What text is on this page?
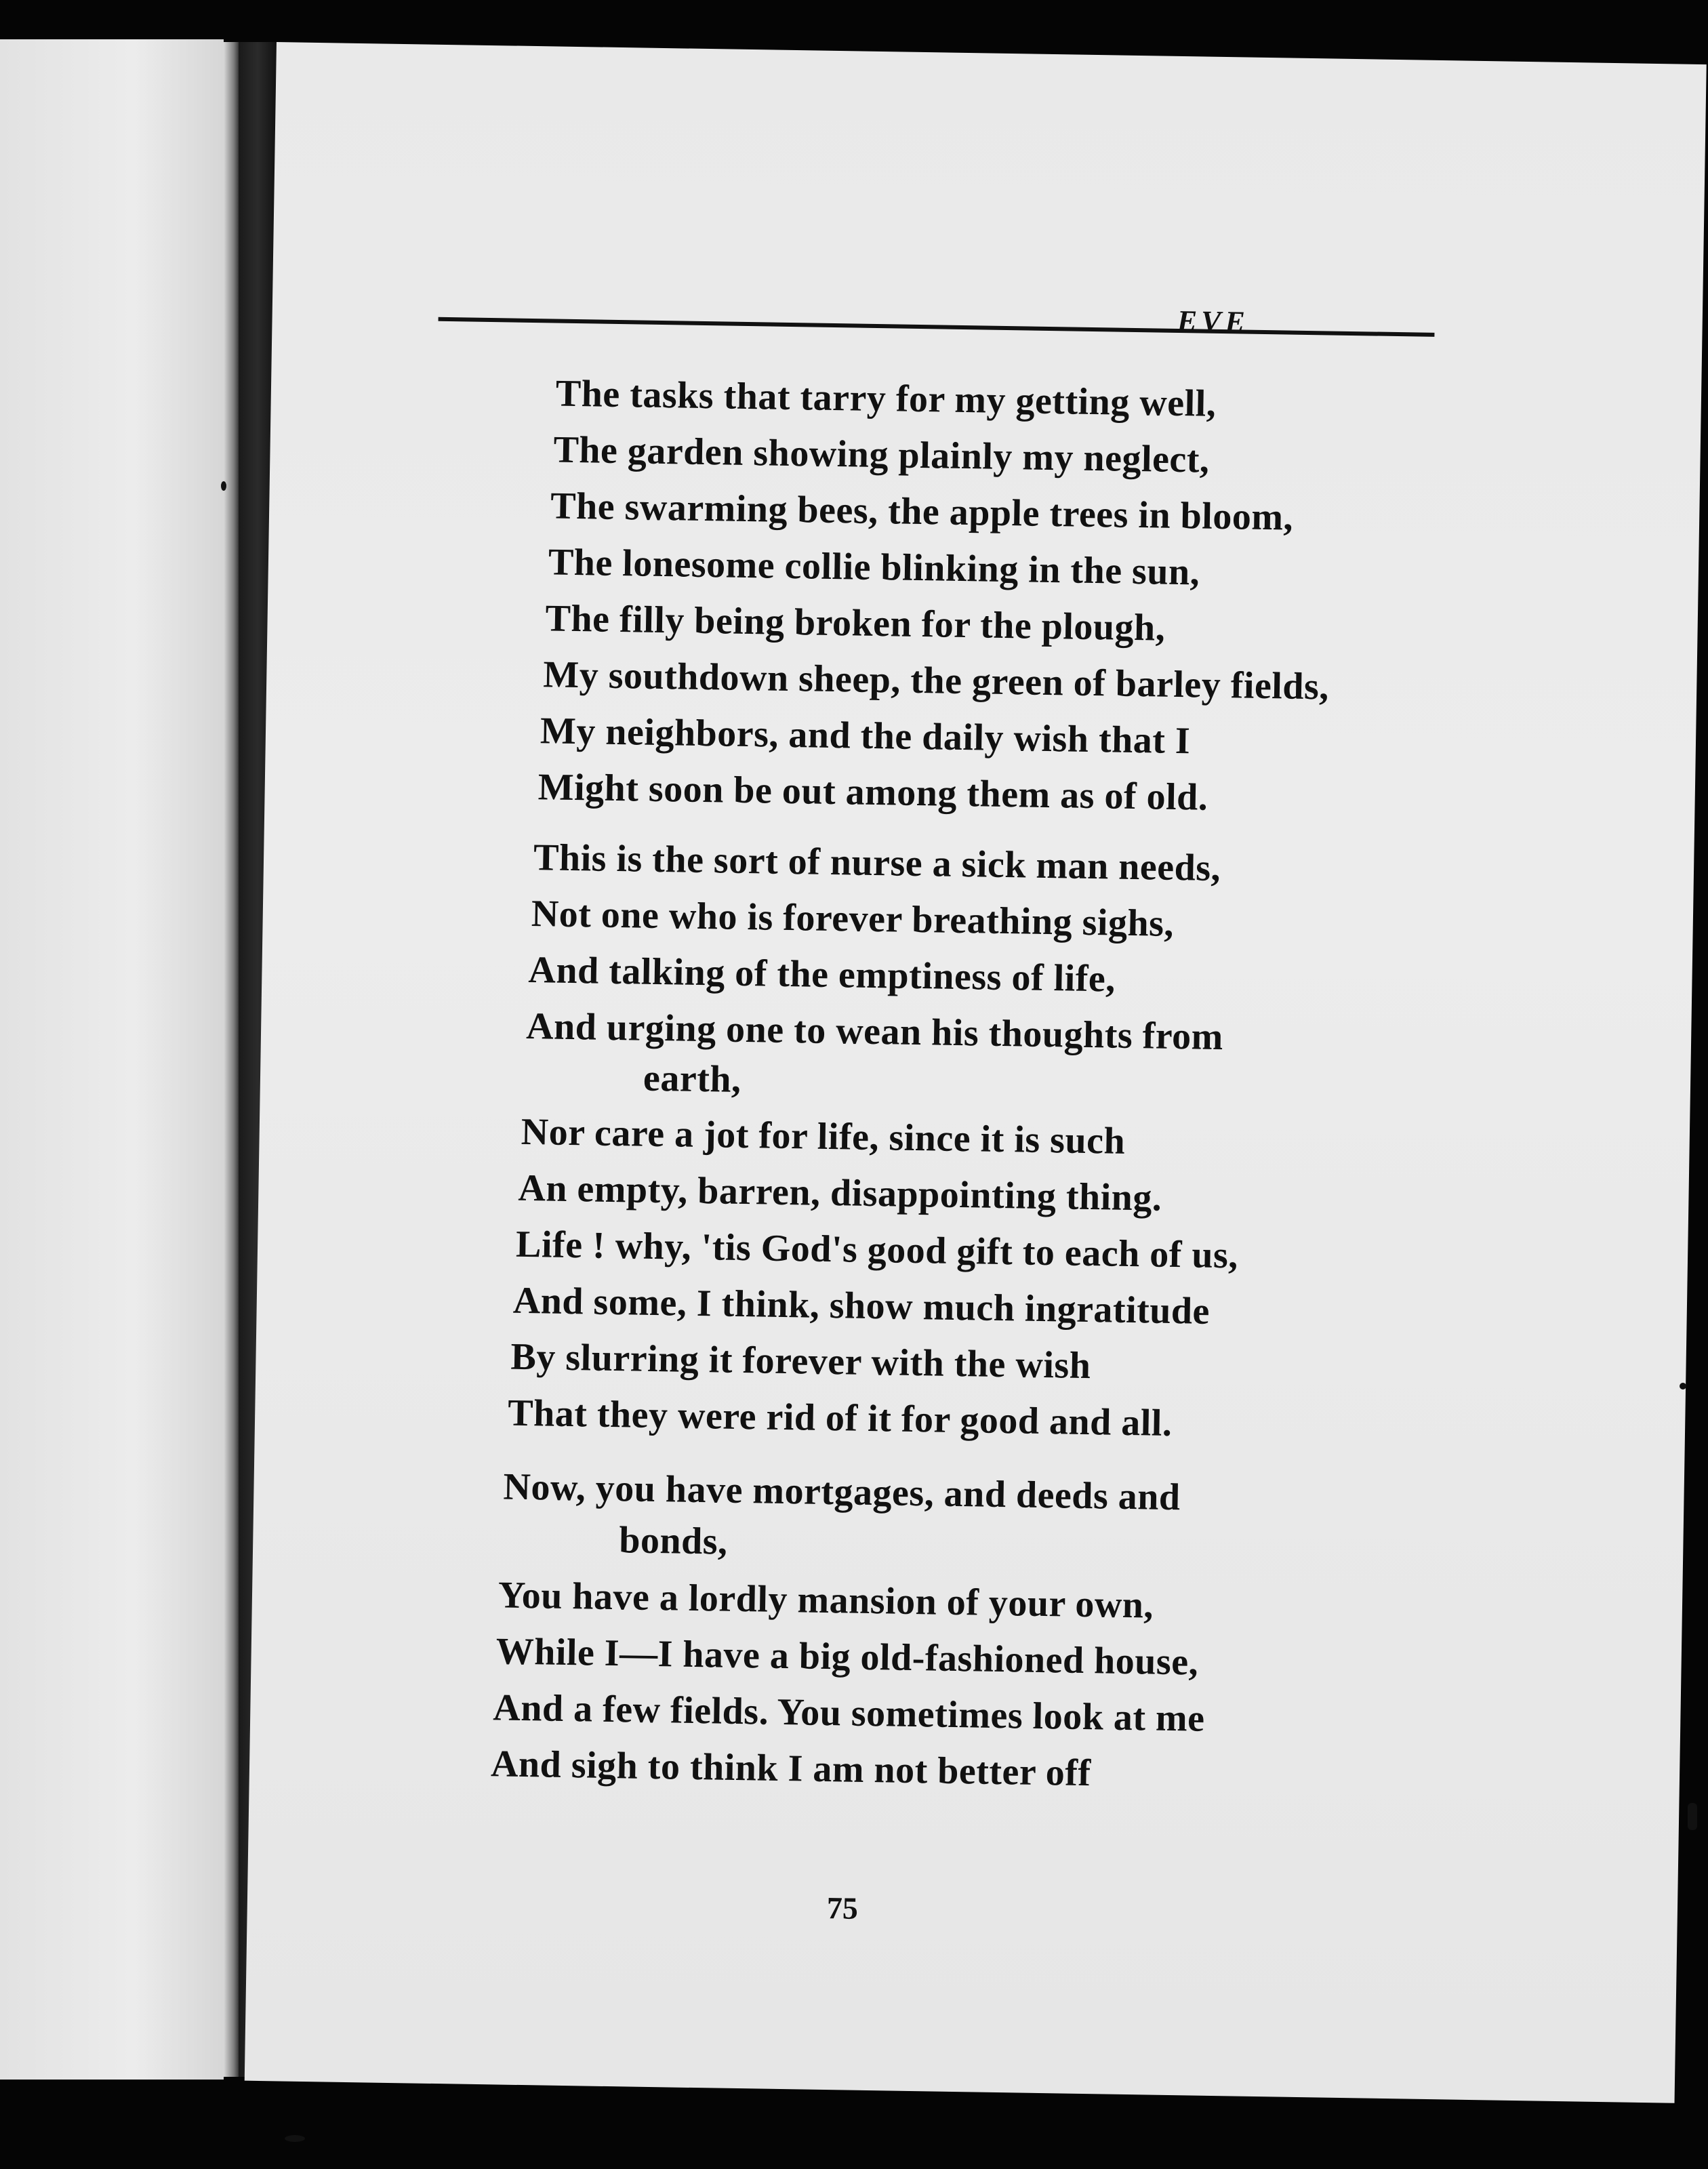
EVE
The tasks that tarry for my getting well,
The garden showing plainly my neglect,
The swarming bees, the apple trees in bloom,
The lonesome collie blinking in the sun,
The filly being broken for the plough,
My southdown sheep, the green of barley fields,
My neighbors, and the daily wish that I
Might soon be out among them as of old.
This is the sort of nurse a sick man needs,
Not one who is forever breathing sighs,
And talking of the emptiness of life,
And urging one to wean his thoughts from
earth,
Nor care a jot for life, since it is such
An empty, barren, disappointing thing.
Life ! why, 'tis God's good gift to each of us,
And some, I think, show much ingratitude
By slurring it forever with the wish
That they were rid of it for good and all.
Now, you have mortgages, and deeds and
bonds,
You have a lordly mansion of your own,
While I—I have a big old-fashioned house,
And a few fields. You sometimes look at me
And sigh to think I am not better off
75
